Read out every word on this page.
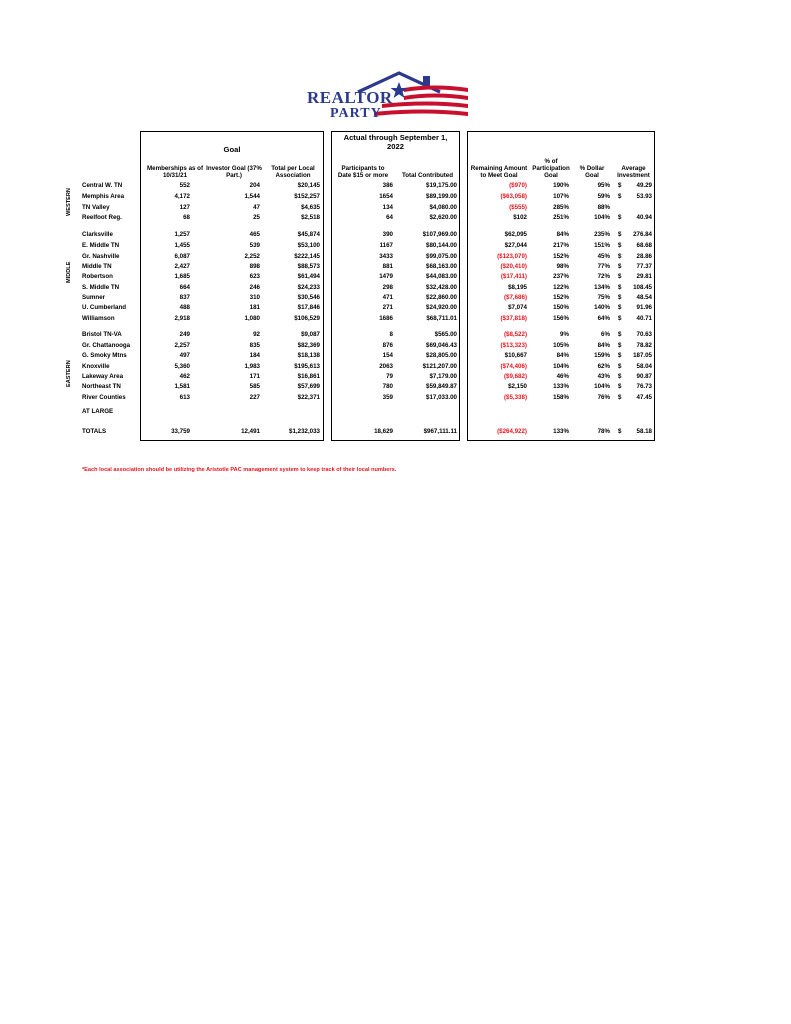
REALTOR
PARTY
Goal
Actual through September 1,
2022
Memberships as of
10/31/21
Investor Goal (37%
Part.)
Total per Local
Association
Participants to
Date $15 or more	Total Contributed
Remaining Amount
to Meet Goal
% of
Participation
Goal
% Dollar
Goal
Average
Investment
WESTERN
MIDDLE
EASTERN
Central W. TN	552	204	$20,145	386	$19,175.00	($970)	190%	95% $	49.29
Memphis Area	4,172	1,544	$152,257	1654	$89,199.00	($63,058)	107%	59% $	53.93
TN Valley	127	47	$4,635	134	$4,080.00	($555)	285%	88%
Reelfoot Reg.	68	25	$2,518	64	$2,620.00	$102	251%	104% $	40.94
Clarksville	1,257	465	$45,874	390	$107,969.00	$62,095	84%	235% $	276.84
E. Middle TN	1,455	539	$53,100	1167	$80,144.00	$27,044	217%	151% $	68.68
Gr. Nashville	6,087	2,252	$222,145	3433	$99,075.00	($123,070)	152%	45% $	28.86
Middle TN	2,427	898	$88,573	881	$68,163.00	($20,410)	98%	77% $	77.37
Robertson	1,685	623	$61,494	1479	$44,083.00	($17,411)	237%	72% $	29.81
S. Middle TN	664	246	$24,233	298	$32,428.00	$8,195	122%	134% $	108.45
Sumner	837	310	$30,546	471	$22,860.00	($7,686)	152%	75% $	48.54
U. Cumberland	488	181	$17,846	271	$24,920.00	$7,074	150%	140% $	91.96
Williamson	2,918	1,080	$106,529	1686	$68,711.01	($37,818)	156%	64% $	40.71
Bristol TN-VA	249	92	$9,087	8	$565.00	($8,522)	9%	6% $	70.63
Gr. Chattanooga	2,257	835	$82,369	876	$69,046.43	($13,323)	105%	84% $	78.82
G. Smoky Mtns	497	184	$18,138	154	$28,805.00	$10,667	84%	159% $	187.05
Knoxville	5,360	1,983	$195,613	2063	$121,207.00	($74,406)	104%	62% $	58.04
Lakeway Area	462	171	$16,861	79	$7,179.00	($9,682)	46%	43% $	90.87
Northeast TN	1,581	585	$57,699	780	$59,849.87	$2,150	133%	104% $	76.73
River Counties	613	227	$22,371	359	$17,033.00	($5,338)	158%	76% $	47.45
AT LARGE
TOTALS	33,759	12,491	$1,232,033	18,629	$967,111.11	($264,922)	133%	78% $	58.18
*Each local association should be utilizing the Aristotle PAC management system to keep track of their local numbers.
